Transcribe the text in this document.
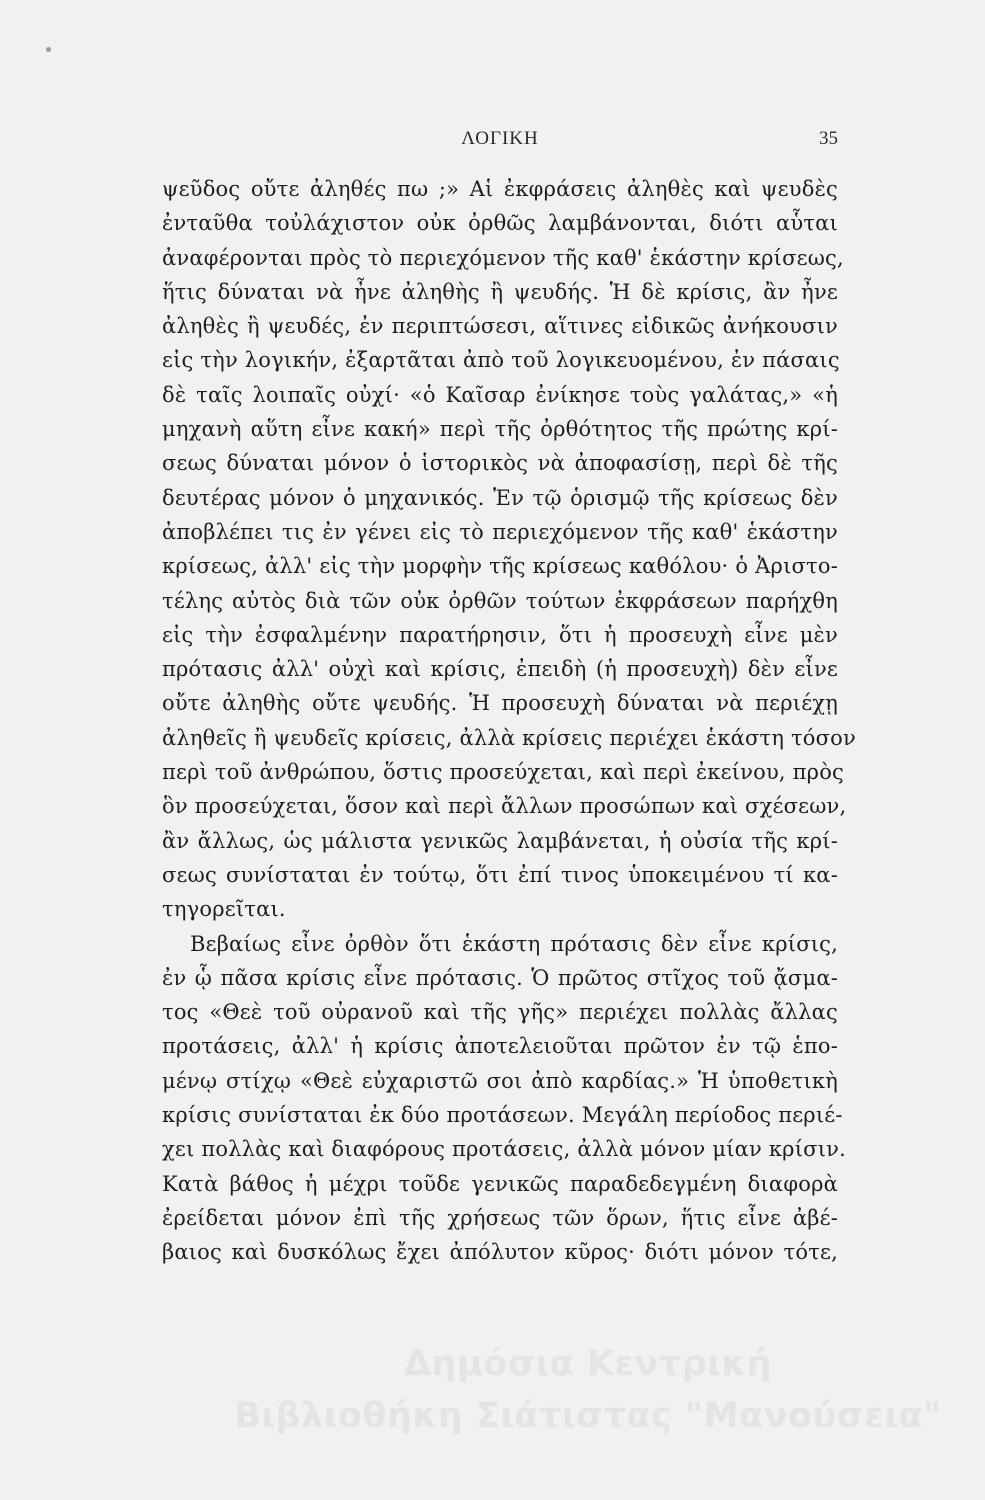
ΛΟΓΙΚΗ	35
ψεῦδος οὔτε ἀληθές πω ;» Αἱ ἐκφράσεις ἀληθὲς καὶ ψευδὲς
ἐνταῦθα τοὐλάχιστον οὐκ ὀρθῶς λαμβάνονται, διότι αὗται
ἀναφέρονται πρὸς τὸ περιεχόμενον τῆς καθ' ἑκάστην κρίσεως,
ἥτις δύναται νὰ ἦνε ἀληθὴς ἢ ψευδής. Ἡ δὲ κρίσις, ἂν ἦνε
ἀληθὲς ἢ ψευδές, ἐν περιπτώσεσι, αἵτινες εἰδικῶς ἀνήκουσιν
εἰς τὴν λογικήν, ἐξαρτᾶται ἀπὸ τοῦ λογικευομένου, ἐν πάσαις
δὲ ταῖς λοιπαῖς οὐχί· «ὁ Καῖσαρ ἐνίκησε τοὺς γαλάτας,» «ἡ
μηχανὴ αὕτη εἶνε κακή» περὶ τῆς ὀρθότητος τῆς πρώτης κρί-
σεως δύναται μόνον ὁ ἱστορικὸς νὰ ἀποφασίσῃ, περὶ δὲ τῆς
δευτέρας μόνον ὁ μηχανικός. Ἐν τῷ ὁρισμῷ τῆς κρίσεως δὲν
ἀποβλέπει τις ἐν γένει εἰς τὸ περιεχόμενον τῆς καθ' ἑκάστην
κρίσεως, ἀλλ' εἰς τὴν μορφὴν τῆς κρίσεως καθόλου· ὁ Ἀριστο-
τέλης αὐτὸς διὰ τῶν οὐκ ὀρθῶν τούτων ἐκφράσεων παρήχθη
εἰς τὴν ἐσφαλμένην παρατήρησιν, ὅτι ἡ προσευχὴ εἶνε μὲν
πρότασις ἀλλ' οὐχὶ καὶ κρίσις, ἐπειδὴ (ἡ προσευχὴ) δὲν εἶνε
οὔτε ἀληθὴς οὔτε ψευδής. Ἡ προσευχὴ δύναται νὰ περιέχῃ
ἀληθεῖς ἢ ψευδεῖς κρίσεις, ἀλλὰ κρίσεις περιέχει ἑκάστη τόσον
περὶ τοῦ ἀνθρώπου, ὅστις προσεύχεται, καὶ περὶ ἐκείνου, πρὸς
ὃν προσεύχεται, ὅσον καὶ περὶ ἄλλων προσώπων καὶ σχέσεων,
ἂν ἄλλως, ὡς μάλιστα γενικῶς λαμβάνεται, ἡ οὐσία τῆς κρί-
σεως συνίσταται ἐν τούτῳ, ὅτι ἐπί τινος ὑποκειμένου τί κα-
τηγορεῖται.
Βεβαίως εἶνε ὀρθὸν ὅτι ἑκάστη πρότασις δὲν εἶνε κρίσις,
ἐν ᾧ πᾶσα κρίσις εἶνε πρότασις. Ὁ πρῶτος στῖχος τοῦ ᾄσμα-
τος «Θεὲ τοῦ οὐρανοῦ καὶ τῆς γῆς» περιέχει πολλὰς ἄλλας
προτάσεις, ἀλλ' ἡ κρίσις ἀποτελειοῦται πρῶτον ἐν τῷ ἑπο-
μένῳ στίχῳ «Θεὲ εὐχαριστῶ σοι ἀπὸ καρδίας.» Ἡ ὑποθετικὴ
κρίσις συνίσταται ἐκ δύο προτάσεων. Μεγάλη περίοδος περιέ-
χει πολλὰς καὶ διαφόρους προτάσεις, ἀλλὰ μόνον μίαν κρίσιν.
Κατὰ βάθος ἡ μέχρι τοῦδε γενικῶς παραδεδεγμένη διαφορὰ
ἐρείδεται μόνον ἐπὶ τῆς χρήσεως τῶν ὅρων, ἥτις εἶνε ἀβέ-
βαιος καὶ δυσκόλως ἔχει ἀπόλυτον κῦρος· διότι μόνον τότε,
Δημόσια Κεντρική
Βιβλιοθήκη Σιάτιστας "Μανούσεια"
